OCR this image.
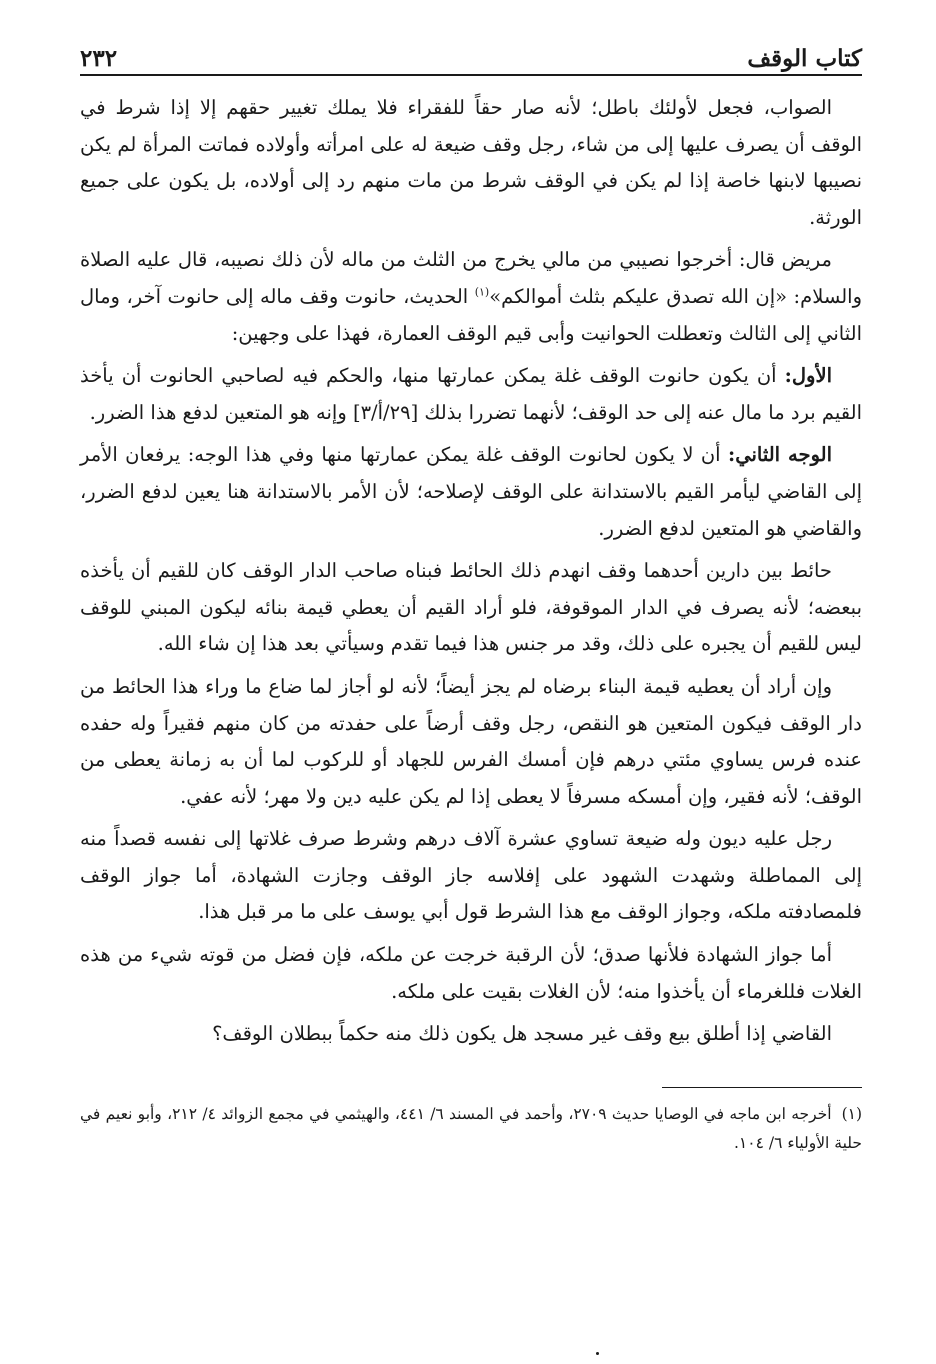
كتاب الوقف
٢٣٢

الصواب، فجعل لأولئك باطل؛ لأنه صار حقاً للفقراء فلا يملك تغيير حقهم إلا إذا شرط في الوقف أن يصرف عليها إلى من شاء، رجل وقف ضيعة له على امرأته وأولاده فماتت المرأة لم يكن نصيبها لابنها خاصة إذا لم يكن في الوقف شرط من مات منهم رد إلى أولاده، بل يكون على جميع الورثة.

مريض قال: أخرجوا نصيبي من مالي يخرج من الثلث من ماله لأن ذلك نصيبه، قال عليه الصلاة والسلام: «إن الله تصدق عليكم بثلث أموالكم»$^{(١)}$ الحديث، حانوت وقف ماله إلى حانوت آخر، ومال الثاني إلى الثالث وتعطلت الحوانيت وأبى قيم الوقف العمارة، فهذا على وجهين:

الأول: أن يكون حانوت الوقف غلة يمكن عمارتها منها، والحكم فيه لصاحبي الحانوت أن يأخذ القيم برد ما مال عنه إلى حد الوقف؛ لأنهما تضررا بذلك [٢٩/أ/٣] وإنه هو المتعين لدفع هذا الضرر.

الوجه الثاني: أن لا يكون لحانوت الوقف غلة يمكن عمارتها منها وفي هذا الوجه: يرفعان الأمر إلى القاضي ليأمر القيم بالاستدانة على الوقف لإصلاحه؛ لأن الأمر بالاستدانة هنا يعين لدفع الضرر، والقاضي هو المتعين لدفع الضرر.

حائط بين دارين أحدهما وقف انهدم ذلك الحائط فبناه صاحب الدار الوقف كان للقيم أن يأخذه ببعضه؛ لأنه يصرف في الدار الموقوفة، فلو أراد القيم أن يعطي قيمة بنائه ليكون المبني للوقف ليس للقيم أن يجبره على ذلك، وقد مر جنس هذا فيما تقدم وسيأتي بعد هذا إن شاء الله.

وإن أراد أن يعطيه قيمة البناء برضاه لم يجز أيضاً؛ لأنه لو أجاز لما ضاع ما وراء هذا الحائط من دار الوقف فيكون المتعين هو النقص، رجل وقف أرضاً على حفدته من كان منهم فقيراً وله حفده عنده فرس يساوي مئتي درهم فإن أمسك الفرس للجهاد أو للركوب لما أن به زمانة يعطى من الوقف؛ لأنه فقير، وإن أمسكه مسرفاً لا يعطى إذا لم يكن عليه دين ولا مهر؛ لأنه عفي.

رجل عليه ديون وله ضيعة تساوي عشرة آلاف درهم وشرط صرف غلاتها إلى نفسه قصداً منه إلى المماطلة وشهدت الشهود على إفلاسه جاز الوقف وجازت الشهادة، أما جواز الوقف فلمصادفته ملكه، وجواز الوقف مع هذا الشرط قول أبي يوسف على ما مر قبل هذا.

أما جواز الشهادة فلأنها صدق؛ لأن الرقبة خرجت عن ملكه، فإن فضل من قوته شيء من هذه الغلات فللغرماء أن يأخذوا منه؛ لأن الغلات بقيت على ملكه.

القاضي إذا أطلق بيع وقف غير مسجد هل يكون ذلك منه حكماً ببطلان الوقف؟

(١)أخرجه ابن ماجه في الوصايا حديث ٢٧٠٩، وأحمد في المسند ٦/ ٤٤١، والهيثمي في مجمع الزوائد ٤/ ٢١٢، وأبو نعيم في حلية الأولياء ٦/ ١٠٤.
